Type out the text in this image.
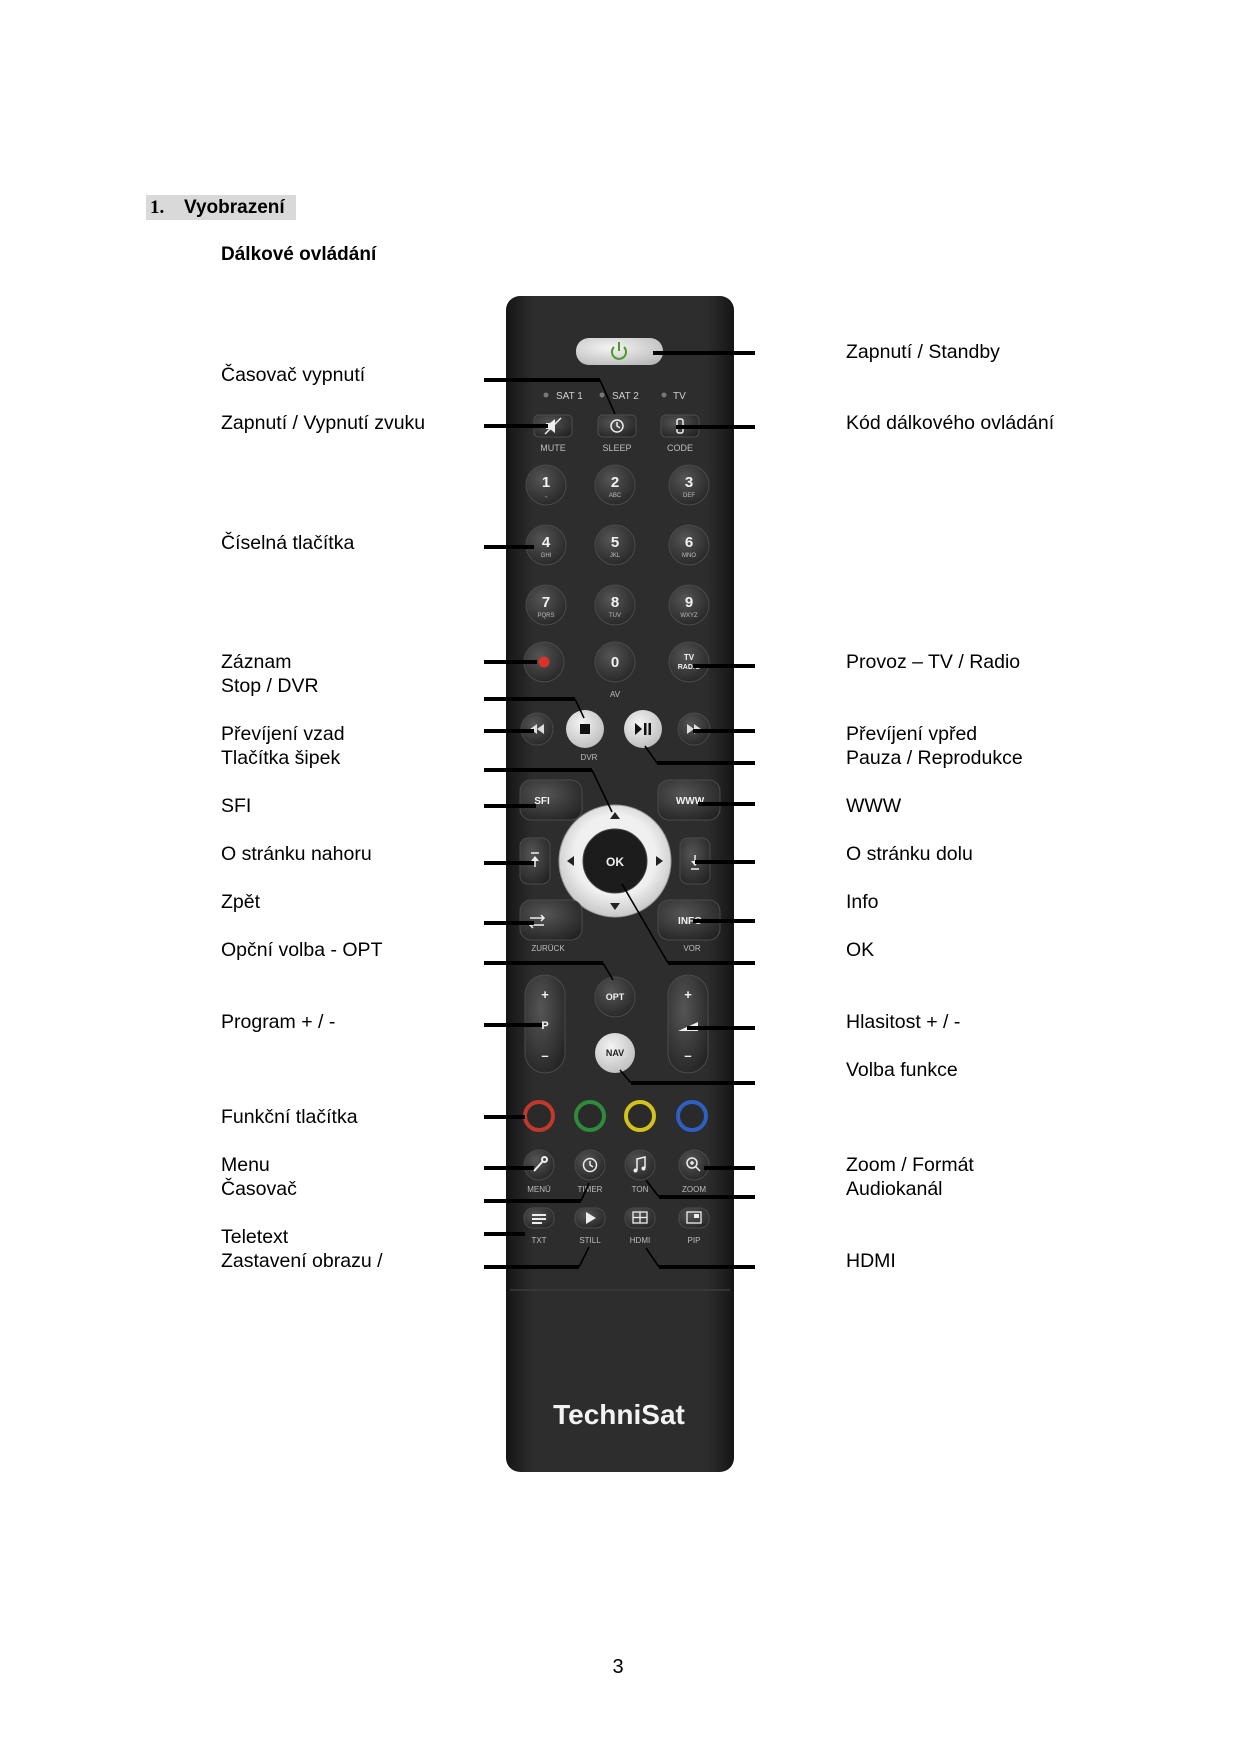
1. Vyobrazení
Dálkové ovládání
SAT 1	SAT 2	TV
MUTE	SLEEP	CODE
1
.,
2
ABC
3
DEF
4
GHI
5
JKL
6
MNO
7
PQRS
8
TUV
9
WXYZ
0
AV
TV
RADIO
DVR
SFI	WWW
OK
ZURÜCK
INFO
VOR
OPT
+
P
–
+
–
NAV
MENÜ	TIMER	TON	ZOOM
TXT	STILL	HDMI	PIP
TechniSat
Časovač vypnutí
Zapnutí / Vypnutí zvuku
Číselná tlačítka
Záznam
Stop / DVR
Převíjení vzad
Tlačítka šipek
SFI
O stránku nahoru
Zpět
Opční volba - OPT
Program + / -
Funkční tlačítka
Menu
Časovač
Teletext
Zastavení obrazu /
Zapnutí / Standby
Kód dálkového ovládání
Provoz – TV / Radio
Převíjení vpřed
Pauza / Reprodukce
WWW
O stránku dolu
Info
OK
Hlasitost + / -
Volba funkce
Zoom / Formát
Audiokanál
HDMI
3
